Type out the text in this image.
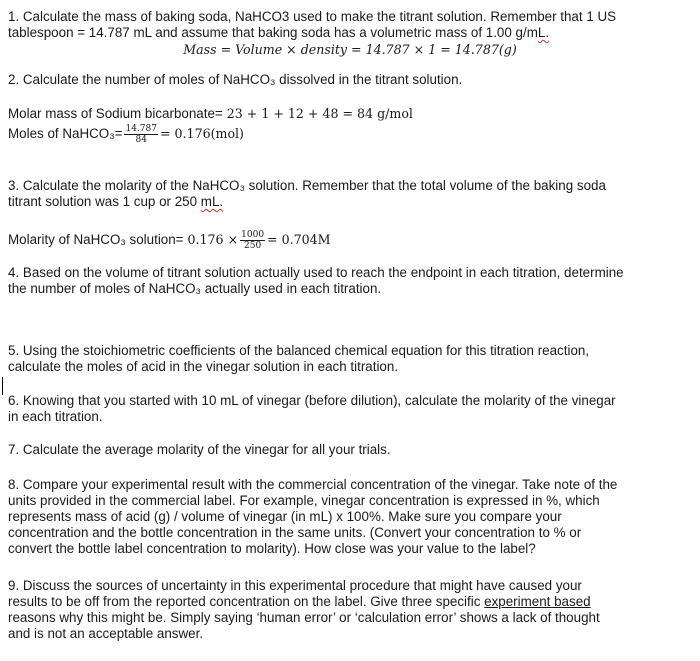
1. Calculate the mass of baking soda, NaHCO3 used to make the titrant solution. Remember that 1 US
tablespoon = 14.787 mL and assume that baking soda has a volumetric mass of 1.00 g/mL.
Mass = Volume × density = 14.787 × 1 = 14.787(g)
2. Calculate the number of moles of NaHCO₃ dissolved in the titrant solution.
Molar mass of Sodium bicarbonate= 23 + 1 + 12 + 48 = 84 g/mol
Moles of NaHCO₃= $\frac{14.787}{84} = 0.176(mol)$
3. Calculate the molarity of the NaHCO₃ solution. Remember that the total volume of the baking soda
titrant solution was 1 cup or 250 mL.
Molarity of NaHCO₃ solution= $0.176 \times \frac{1000}{250} = 0.704M$
4. Based on the volume of titrant solution actually used to reach the endpoint in each titration, determine
the number of moles of NaHCO₃ actually used in each titration.
5. Using the stoichiometric coefficients of the balanced chemical equation for this titration reaction,
calculate the moles of acid in the vinegar solution in each titration.
6. Knowing that you started with 10 mL of vinegar (before dilution), calculate the molarity of the vinegar
in each titration.
7. Calculate the average molarity of the vinegar for all your trials.
8. Compare your experimental result with the commercial concentration of the vinegar. Take note of the
units provided in the commercial label. For example, vinegar concentration is expressed in %, which
represents mass of acid (g) / volume of vinegar (in mL) x 100%. Make sure you compare your
concentration and the bottle concentration in the same units. (Convert your concentration to % or
convert the bottle label concentration to molarity). How close was your value to the label?
9. Discuss the sources of uncertainty in this experimental procedure that might have caused your
results to be off from the reported concentration on the label. Give three specific experiment based
reasons why this might be. Simply saying ‘human error’ or ‘calculation error’ shows a lack of thought
and is not an acceptable answer.
